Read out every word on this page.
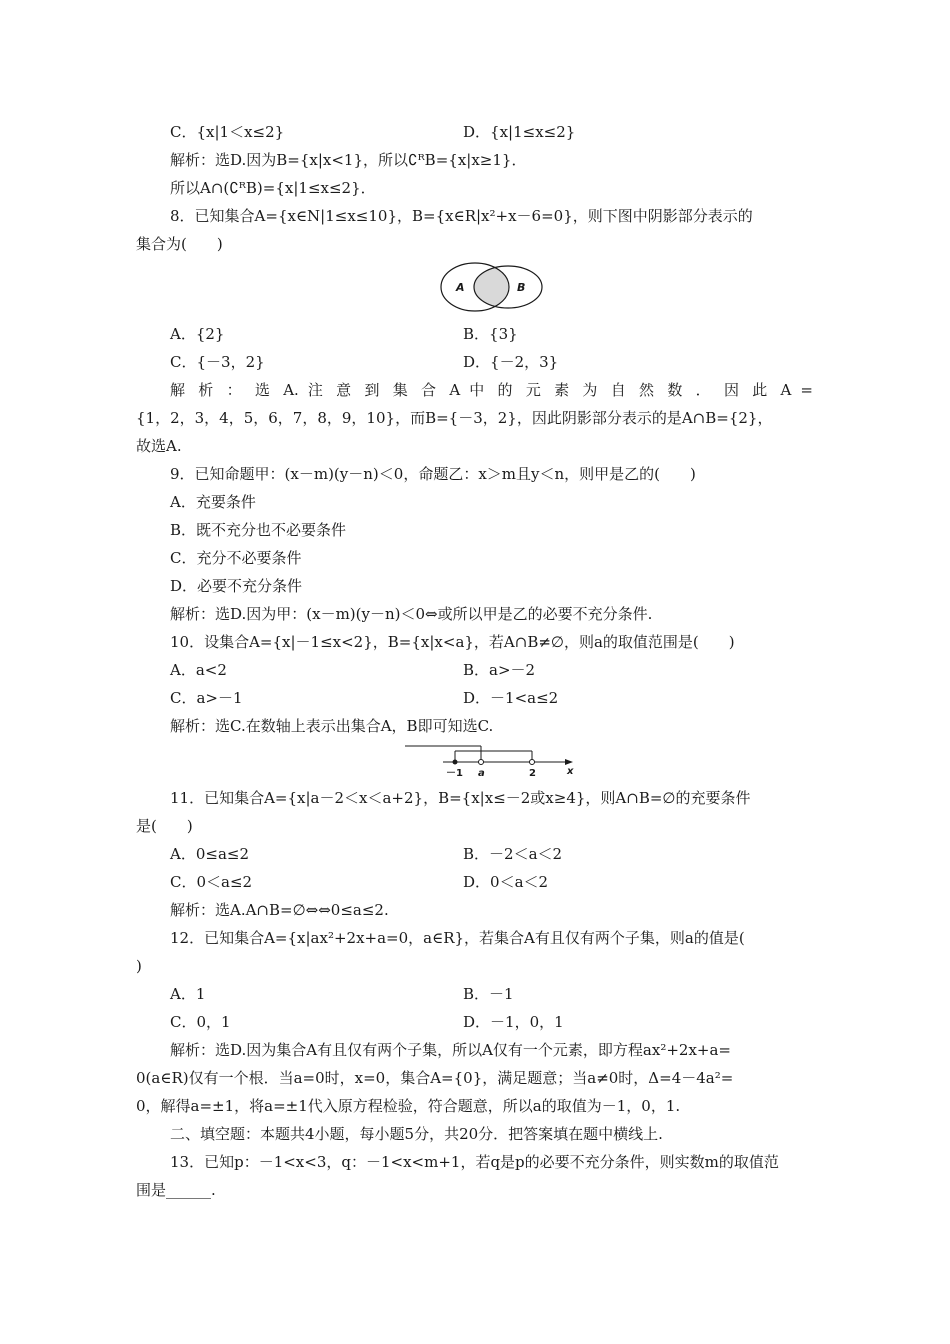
C．{x|1＜x≤2}	D．{x|1≤x≤2}
解析：选D.因为B={x|x<1}，所以∁ᴿB={x|x≥1}．
所以A∩(∁ᴿB)={x|1≤x≤2}．
8．已知集合A={x∈N|1≤x≤10}，B={x∈R|x²+x－6=0}，则下图中阴影部分表示的
集合为(　　)
A	B
A．{2}	B．{3}
C．{－3，2}	D．{－2，3}
解 析 ： 选 A. 注 意 到 集 合 A 中 的 元 素 为 自 然 数 ． 因 此 A =
{1，2，3，4，5，6，7，8，9，10}，而B={－3，2}，因此阴影部分表示的是A∩B={2}，
故选A.
9．已知命题甲：(x－m)(y－n)＜0，命题乙：x＞m且y＜n，则甲是乙的(　　)
A．充要条件
B．既不充分也不必要条件
C．充分不必要条件
D．必要不充分条件
解析：选D.因为甲：(x－m)(y－n)＜0⇔或所以甲是乙的必要不充分条件.
10．设集合A={x|－1≤x<2}，B={x|x<a}，若A∩B≠∅，则a的取值范围是(　　)
A．a<2	B．a>－2
C．a>－1	D．－1<a≤2
解析：选C.在数轴上表示出集合A，B即可知选C.
－1 a	2	x
11．已知集合A={x|a－2＜x＜a+2}，B={x|x≤－2或x≥4}，则A∩B=∅的充要条件
是(　　)
A．0≤a≤2	B．－2＜a＜2
C．0＜a≤2	D．0＜a＜2
解析：选A.A∩B=∅⇔⇔0≤a≤2.
12．已知集合A={x|ax²+2x+a=0，a∈R}，若集合A有且仅有两个子集，则a的值是(
)
A．1	B．－1
C．0，1	D．－1，0，1
解析：选D.因为集合A有且仅有两个子集，所以A仅有一个元素，即方程ax²+2x+a=
0(a∈R)仅有一个根．当a=0时，x=0，集合A={0}，满足题意；当a≠0时，Δ=4－4a²=
0，解得a=±1，将a=±1代入原方程检验，符合题意，所以a的取值为－1，0，1.
二、填空题：本题共4小题，每小题5分，共20分．把答案填在题中横线上.
13．已知p：－1<x<3，q：－1<x<m+1，若q是p的必要不充分条件，则实数m的取值范
围是______.
